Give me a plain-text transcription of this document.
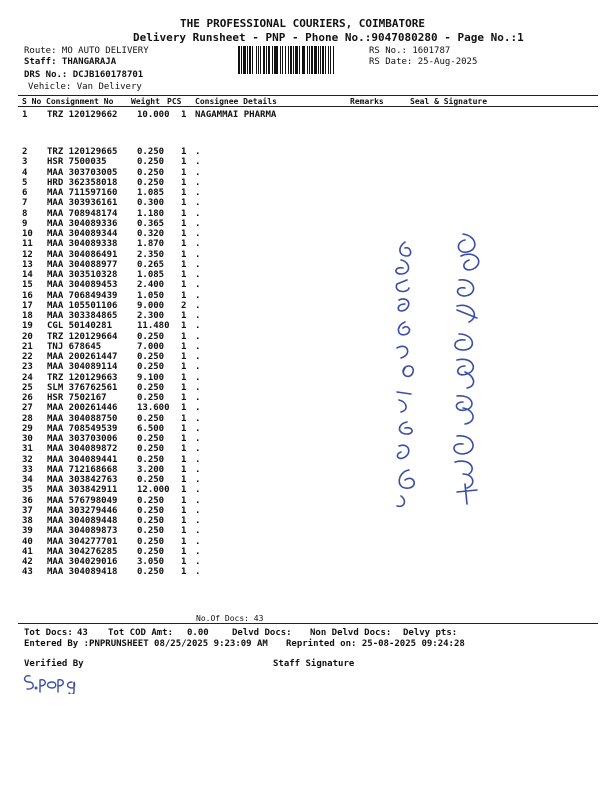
THE PROFESSIONAL COURIERS, COIMBATORE
Delivery Runsheet - PNP - Phone No.:9047080280 - Page No.:1
Route: MO AUTO DELIVERY
Staff: THANGARAJA
DRS No.: DCJB160178701
Vehicle: Van Delivery
RS No.: 1601787
RS Date: 25-Aug-2025
S No Consignment No Weight PCS Consignee Details	Remarks	Seal & Signature
1 TRZ 120129662 10.000 1 NAGAMMAI PHARMA
2 TRZ 120129665 0.250 1 .
3 HSR 7500035	0.250 1 .
4 MAA 303703005 0.250 1 .
5 HRD 362358018 0.250 1 .
6 MAA 711597160 1.085 1 .
7 MAA 303936161 0.300 1 .
8 MAA 708948174 1.180 1 .
9 MAA 304089336 0.365 1 .
10 MAA 304089344 0.320 1 .
11 MAA 304089338 1.870 1 .
12 MAA 304086491 2.350 1 .
13 MAA 304088977 0.265 1 .
14 MAA 303510328 1.085 1 .
15 MAA 304089453 2.400 1 .
16 MAA 706849439 1.050 1 .
17 MAA 105501106 9.000 2 .
18 MAA 303384865 2.300 1 .
19 CGL 50140281	11.480 1 .
20 TRZ 120129664 0.250 1 .
21 TNJ 678645	7.000 1 .
22 MAA 200261447 0.250 1 .
23 MAA 304089114 0.250 1 .
24 TRZ 120129663 9.100 1 .
25 SLM 376762561 0.250 1 .
26 HSR 7502167	0.250 1 .
27 MAA 200261446 13.600 1 .
28 MAA 304088750 0.250 1 .
29 MAA 708549539 6.500 1 .
30 MAA 303703006 0.250 1 .
31 MAA 304089872 0.250 1 .
32 MAA 304089441 0.250 1 .
33 MAA 712168668 3.200 1 .
34 MAA 303842763 0.250 1 .
35 MAA 303842911 12.000 1 .
36 MAA 576798049 0.250 1 .
37 MAA 303279446 0.250 1 .
38 MAA 304089448 0.250 1 .
39 MAA 304089873 0.250 1 .
40 MAA 304277701 0.250 1 .
41 MAA 304276285 0.250 1 .
42 MAA 304029016 3.050 1 .
43 MAA 304089418 0.250 1 .
No.Of Docs: 43
Tot Docs: 43 Tot COD Amt: 0.00	Delvd Docs: Non Delvd Docs: Delvy pts:
Entered By :PNPRUNSHEET 08/25/2025 9:23:09 AM Reprinted on: 25-08-2025 09:24:28
Verified By	Staff Signature
